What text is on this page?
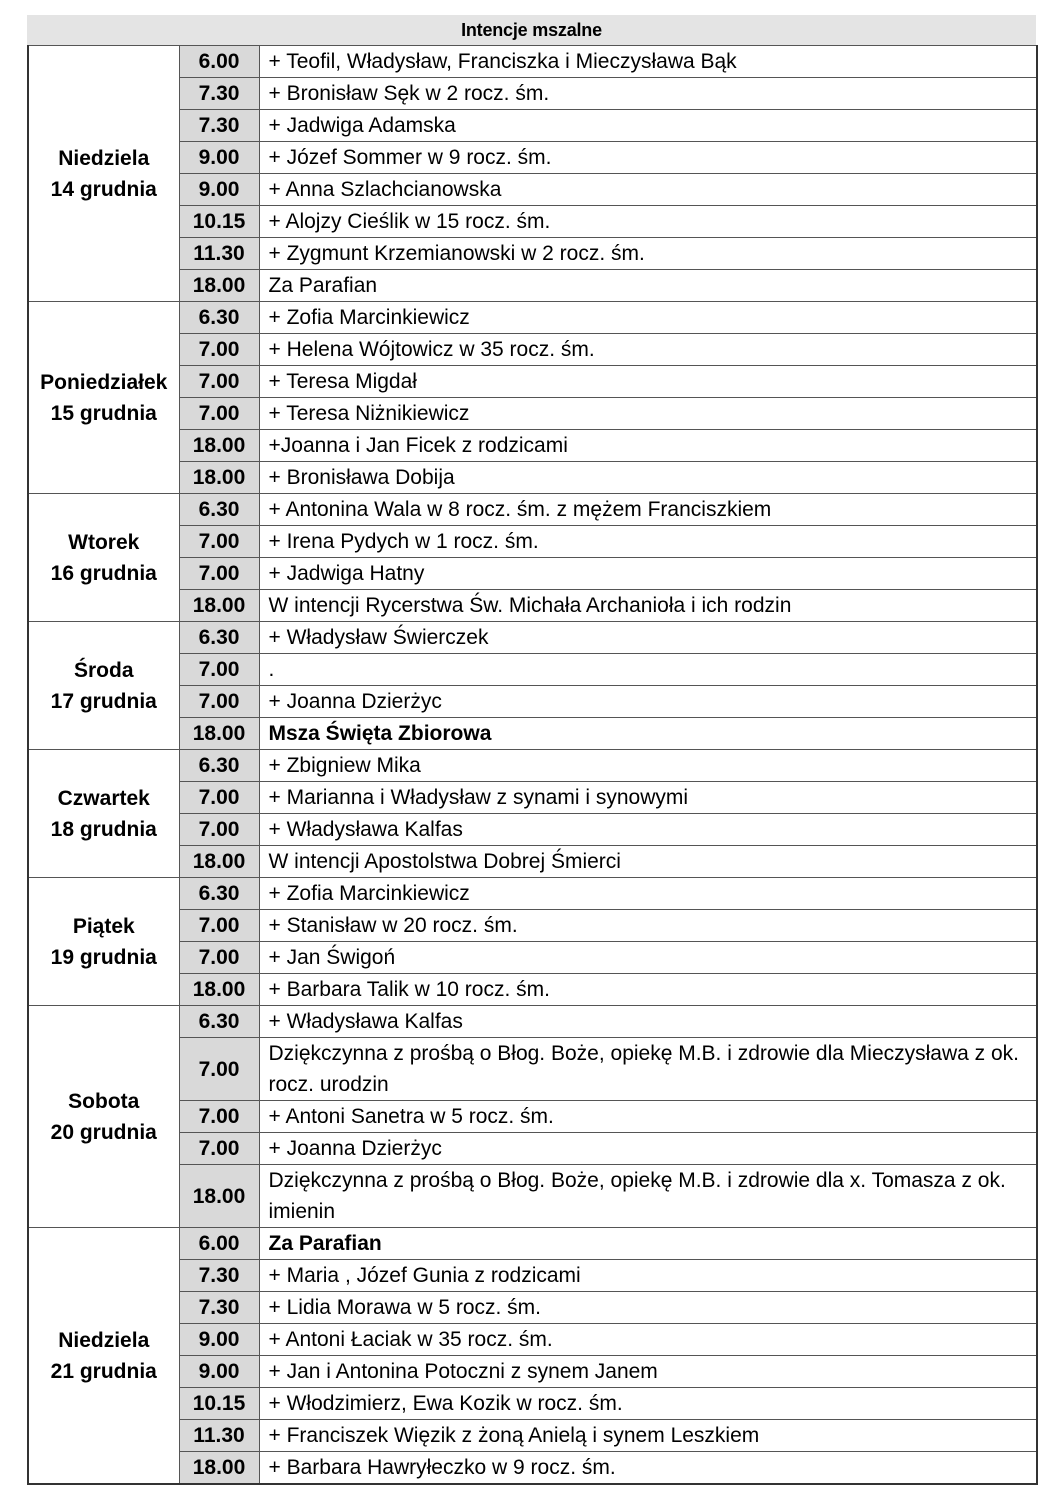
Intencje mszalne
Niedziela
14 grudnia	6.00	+ Teofil, Władysław, Franciszka i Mieczysława Bąk
	7.30	+ Bronisław Sęk w 2 rocz. śm.
	7.30	+ Jadwiga Adamska
	9.00	+ Józef Sommer w 9 rocz. śm.
	9.00	+ Anna Szlachcianowska
	10.15	+ Alojzy Cieślik w 15 rocz. śm.
	11.30	+ Zygmunt Krzemianowski w 2 rocz. śm.
	18.00	Za Parafian

Poniedziałek
15 grudnia	6.30	+ Zofia Marcinkiewicz
	7.00	+ Helena Wójtowicz w 35 rocz. śm.
	7.00	+ Teresa Migdał
	7.00	+ Teresa Niżnikiewicz
	18.00	+Joanna i Jan Ficek z rodzicami
	18.00	+ Bronisława Dobija

Wtorek
16 grudnia	6.30	+ Antonina Wala w 8 rocz. śm. z mężem Franciszkiem
	7.00	+ Irena Pydych w 1 rocz. śm.
	7.00	+ Jadwiga Hatny
	18.00	W intencji Rycerstwa Św. Michała Archanioła i ich rodzin

Środa
17 grudnia	6.30	+ Władysław Świerczek
	7.00	.
	7.00	+ Joanna Dzierżyc
	18.00	Msza Święta Zbiorowa

Czwartek
18 grudnia	6.30	+ Zbigniew Mika
	7.00	+ Marianna i Władysław z synami i synowymi
	7.00	+ Władysława Kalfas
	18.00	W intencji Apostolstwa Dobrej Śmierci

Piątek
19 grudnia	6.30	+ Zofia Marcinkiewicz
	7.00	+ Stanisław w 20 rocz. śm.
	7.00	+ Jan Świgoń
	18.00	+ Barbara Talik w 10 rocz. śm.

Sobota
20 grudnia	6.30	+ Władysława Kalfas
	7.00	Dziękczynna z prośbą o Błog. Boże, opiekę M.B. i zdrowie dla Mieczysława z ok. rocz. urodzin
	7.00	+ Antoni Sanetra w 5 rocz. śm.
	7.00	+ Joanna Dzierżyc
	18.00	Dziękczynna z prośbą o Błog. Boże, opiekę M.B. i zdrowie dla x. Tomasza z ok. imienin

Niedziela
21 grudnia	6.00	Za Parafian
	7.30	+ Maria , Józef Gunia z rodzicami
	7.30	+ Lidia Morawa w 5 rocz. śm.
	9.00	+ Antoni Łaciak w 35 rocz. śm.
	9.00	+ Jan i Antonina Potoczni z synem Janem
	10.15	+ Włodzimierz, Ewa Kozik w rocz. śm.
	11.30	+ Franciszek Więzik z żoną Anielą i synem Leszkiem
	18.00	+ Barbara Hawryłeczko w 9 rocz. śm.
